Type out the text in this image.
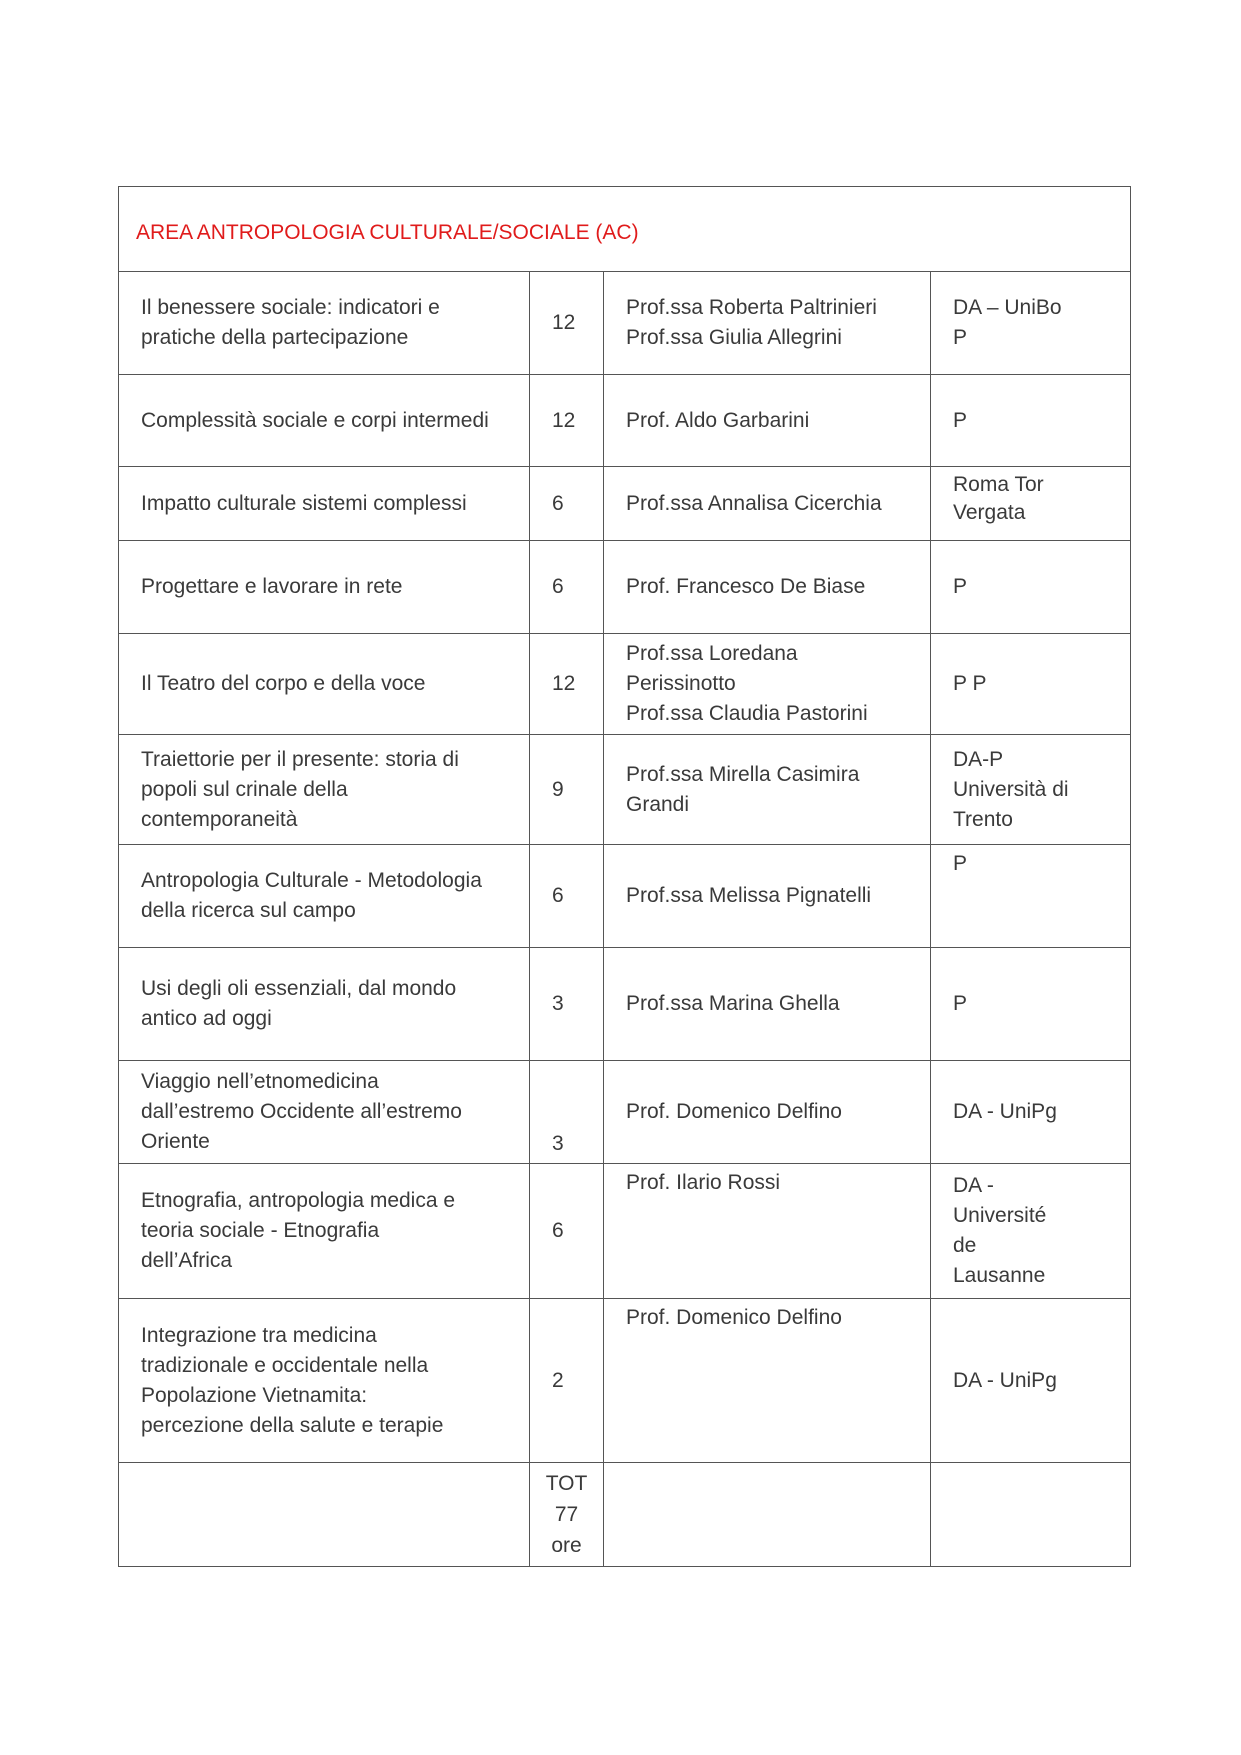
AREA ANTROPOLOGIA CULTURALE/SOCIALE (AC)			

Il benessere sociale: indicatori e
pratiche della partecipazione	12	Prof.ssa Roberta Paltrinieri
Prof.ssa Giulia Allegrini	DA – UniBo
P

Complessità sociale e corpi intermedi	12	Prof. Aldo Garbarini	P

Impatto culturale sistemi complessi	6	Prof.ssa Annalisa Cicerchia	Roma Tor
Vergata

Progettare e lavorare in rete	6	Prof. Francesco De Biase	P

Il Teatro del corpo e della voce	12	Prof.ssa Loredana
Perissinotto
Prof.ssa Claudia Pastorini	P P

Traiettorie per il presente: storia di
popoli sul crinale della
contemporaneità	9	Prof.ssa Mirella Casimira
Grandi	DA-P
Università di
Trento

Antropologia Culturale - Metodologia
della ricerca sul campo	6	Prof.ssa Melissa Pignatelli	P

Usi degli oli essenziali, dal mondo
antico ad oggi	3	Prof.ssa Marina Ghella	P

Viaggio nell’etnomedicina
dall’estremo Occidente all’estremo
Oriente	3	Prof. Domenico Delfino	DA - UniPg

Etnografia, antropologia medica e
teoria sociale - Etnografia
dell’Africa	6	Prof. Ilario Rossi	DA -
Université
de
Lausanne

Integrazione tra medicina
tradizionale e occidentale nella
Popolazione Vietnamita:
percezione della salute e terapie	2	Prof. Domenico Delfino	DA - UniPg

	TOT
77
ore		
